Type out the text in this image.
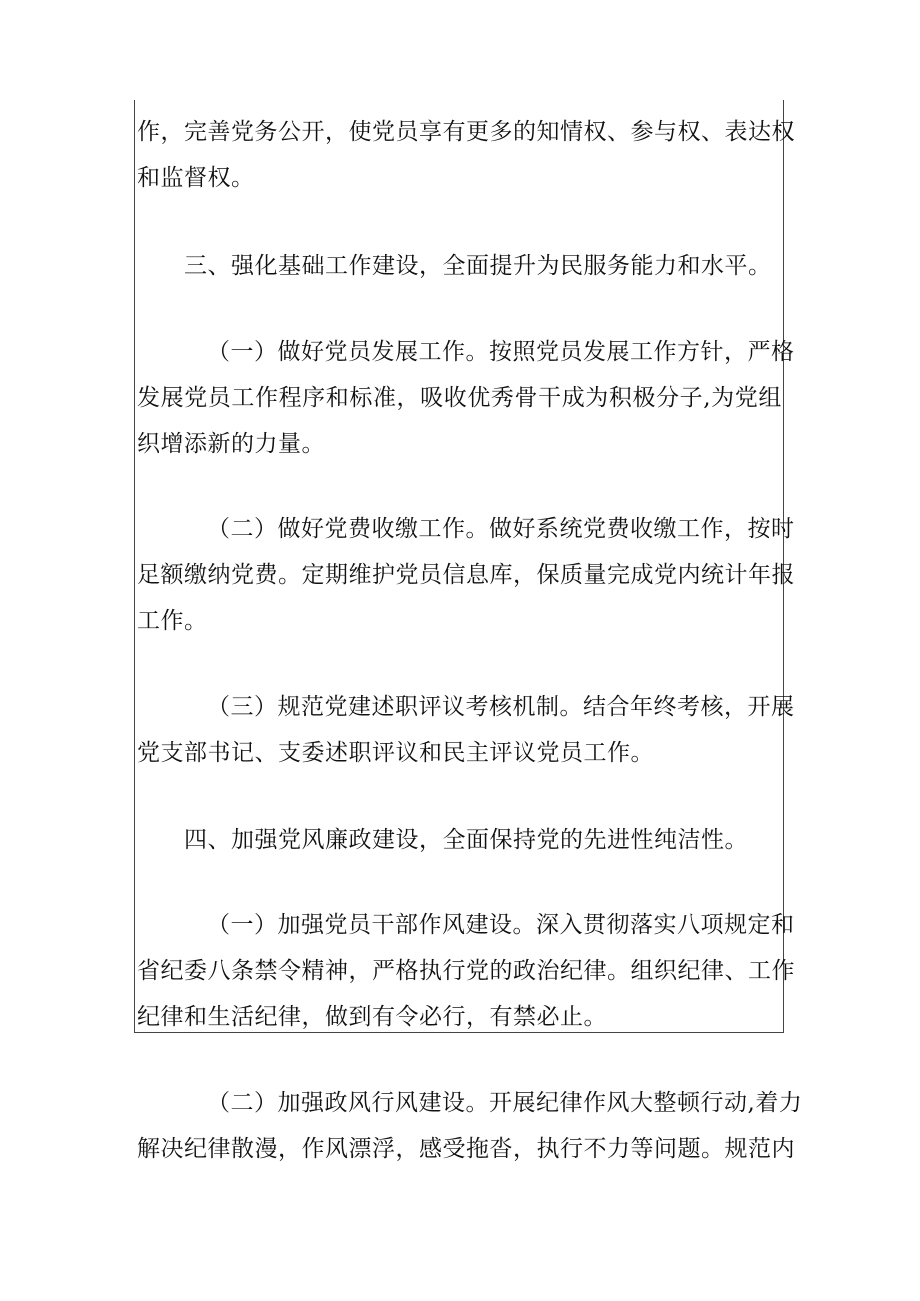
作 ， 完 善 党 务 公 开 ， 使 党 员 享 有 更 多 的 知 情 权 、 参 与 权 、 表 达 权
和监督权。
三、强化基础工作建设，全面提升为民服务能力和水平。
（ 一 ） 做 好 党 员 发 展 工 作 。 按 照 党 员 发 展 工 作 方 针 ， 严 格
发 展 党 员 工 作 程 序 和 标 准 ， 吸 收 优 秀 骨 干 成 为 积 极 分 子 , 为 党 组
织增添新的力量。
（ 二 ） 做 好 党 费 收 缴 工 作 。 做 好 系 统 党 费 收 缴 工 作 ， 按 时
足 额 缴 纳 党 费 。 定 期 维 护 党 员 信 息 库 ， 保 质 量 完 成 党 内 统 计 年 报
工作。
（ 三 ） 规 范 党 建 述 职 评 议 考 核 机 制 。 结 合 年 终 考 核 ， 开 展
党支部书记、支委述职评议和民主评议党员工作。
四、加强党风廉政建设，全面保持党的先进性纯洁性。
（ 一 ） 加 强 党 员 干 部 作 风 建 设 。 深 入 贯 彻 落 实 八 项 规 定 和
省 纪 委 八 条 禁 令 精 神 ， 严 格 执 行 党 的 政 治 纪 律 。 组 织 纪 律 、 工 作
纪律和生活纪律，做到有令必行，有禁必止。
（ 二 ） 加 强 政 风 行 风 建 设 。 开 展 纪 律 作 风 大 整 顿 行 动 , 着 力
解 决 纪 律 散 漫 ， 作 风 漂 浮 ， 感 受 拖 沓 ， 执 行 不 力 等 问 题 。 规 范 内
